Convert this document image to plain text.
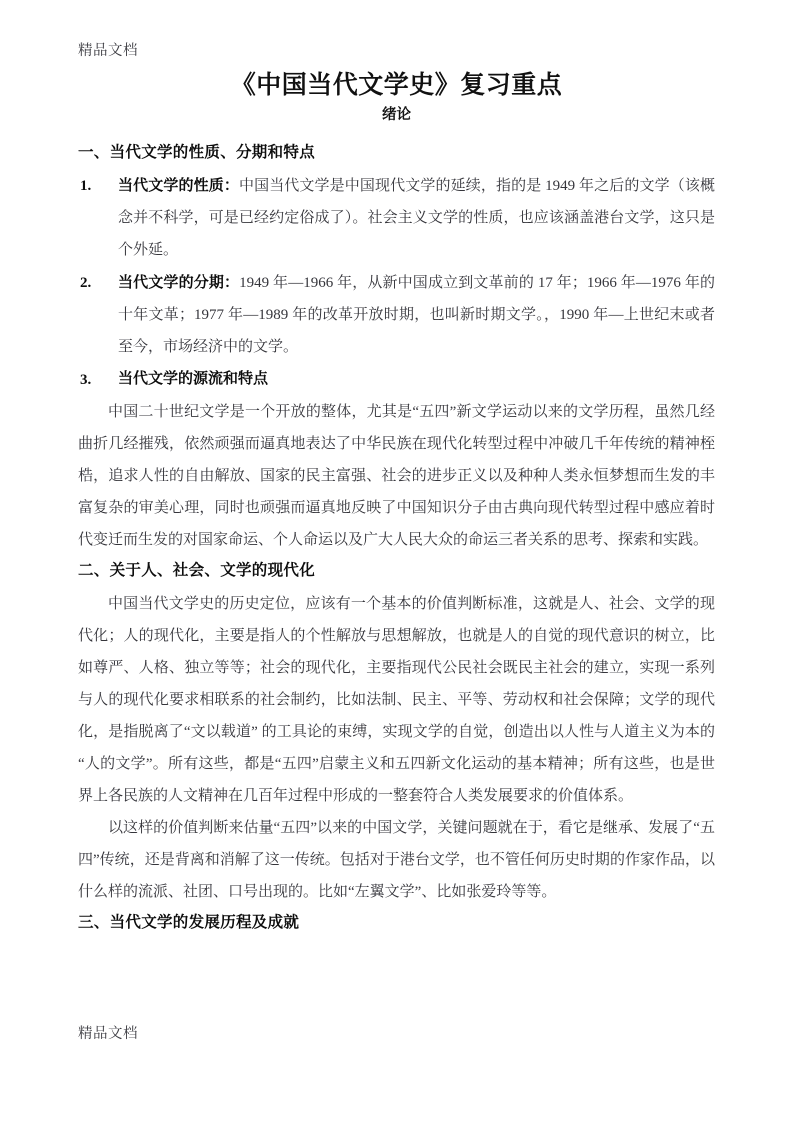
精品文档
《中国当代文学史》复习重点
绪论
一、当代文学的性质、分期和特点

1. 当代文学的性质：中国当代文学是中国现代文学的延续，指的是 1949 年之后的文学（该概念并不科学，可是已经约定俗成了）。社会主义文学的性质，也应该涵盖港台文学，这只是个外延。

2. 当代文学的分期：1949 年—1966 年，从新中国成立到文革前的 17 年；1966 年—1976 年的十年文革；1977 年—1989 年的改革开放时期，也叫新时期文学。，1990 年—上世纪末或者至今，市场经济中的文学。

3. 当代文学的源流和特点

中国二十世纪文学是一个开放的整体，尤其是“五四”新文学运动以来的文学历程，虽然几经曲折几经摧残，依然顽强而逼真地表达了中华民族在现代化转型过程中冲破几千年传统的精神桎梏，追求人性的自由解放、国家的民主富强、社会的进步正义以及种种人类永恒梦想而生发的丰富复杂的审美心理，同时也顽强而逼真地反映了中国知识分子由古典向现代转型过程中感应着时代变迁而生发的对国家命运、个人命运以及广大人民大众的命运三者关系的思考、探索和实践。

二、关于人、社会、文学的现代化

中国当代文学史的历史定位，应该有一个基本的价值判断标准，这就是人、社会、文学的现代化；人的现代化，主要是指人的个性解放与思想解放，也就是人的自觉的现代意识的树立，比如尊严、人格、独立等等；社会的现代化，主要指现代公民社会既民主社会的建立，实现一系列与人的现代化要求相联系的社会制约，比如法制、民主、平等、劳动权和社会保障；文学的现代化，是指脱离了“文以载道” 的工具论的束缚，实现文学的自觉，创造出以人性与人道主义为本的“人的文学”。所有这些，都是“五四”启蒙主义和五四新文化运动的基本精神；所有这些，也是世界上各民族的人文精神在几百年过程中形成的一整套符合人类发展要求的价值体系。

以这样的价值判断来估量“五四”以来的中国文学，关键问题就在于，看它是继承、发展了“五四”传统，还是背离和消解了这一传统。包括对于港台文学，也不管任何历史时期的作家作品，以什么样的流派、社团、口号出现的。比如“左翼文学”、比如张爱玲等等。

三、当代文学的发展历程及成就
精品文档
